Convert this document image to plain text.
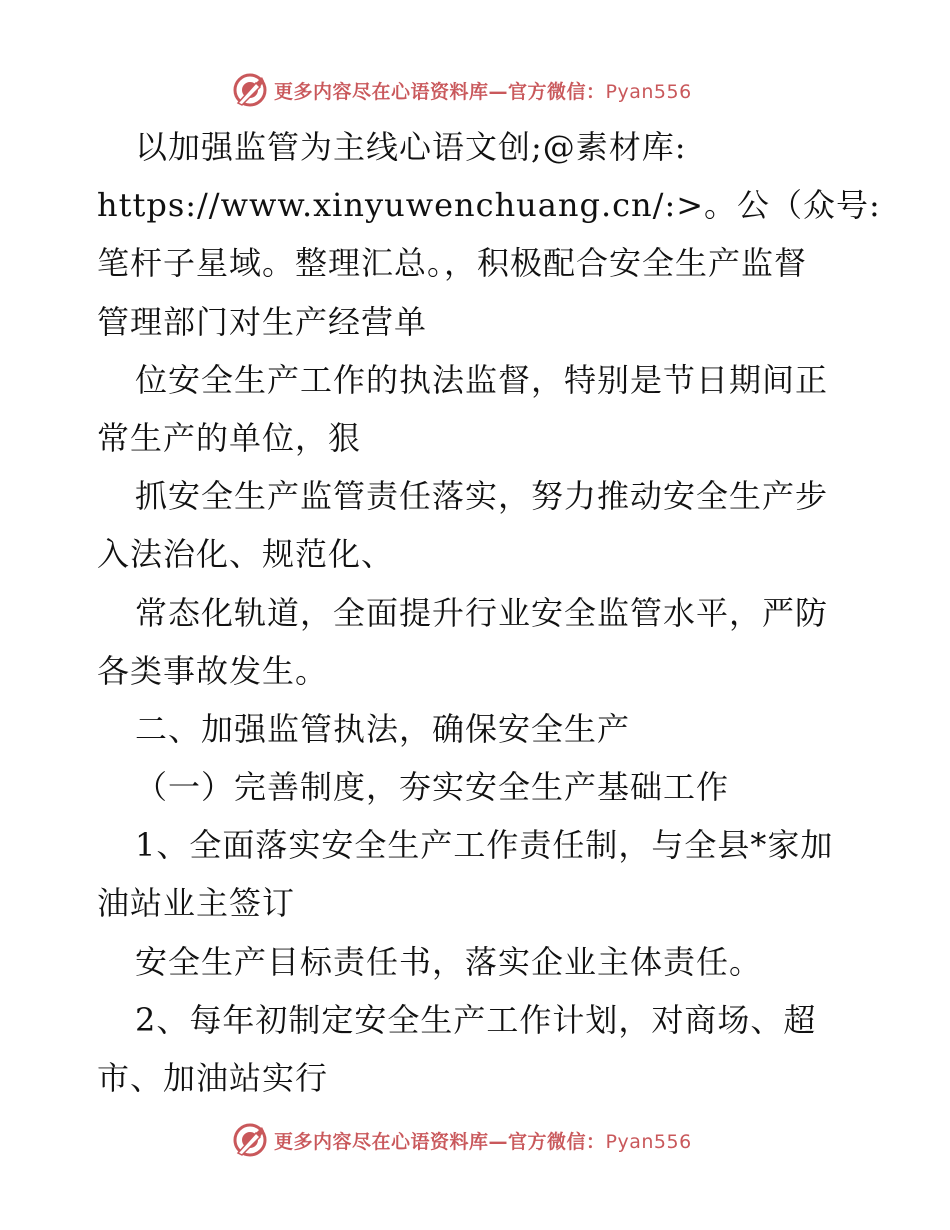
更多内容尽在心语资料库—官方微信：Pyan556
以加强监管为主线心语文创;@素材库:
https://www.xinyuwenchuang.cn/:>。公（众号:
笔杆子星域。整理汇总。，积极配合安全生产监督
管理部门对生产经营单
位安全生产工作的执法监督，特别是节日期间正
常生产的单位，狠
抓安全生产监管责任落实，努力推动安全生产步
入法治化、规范化、
常态化轨道，全面提升行业安全监管水平，严防
各类事故发生。
二、加强监管执法，确保安全生产
（一）完善制度，夯实安全生产基础工作
1、全面落实安全生产工作责任制，与全县*家加
油站业主签订
安全生产目标责任书，落实企业主体责任。
2、每年初制定安全生产工作计划，对商场、超
市、加油站实行
更多内容尽在心语资料库—官方微信：Pyan556
